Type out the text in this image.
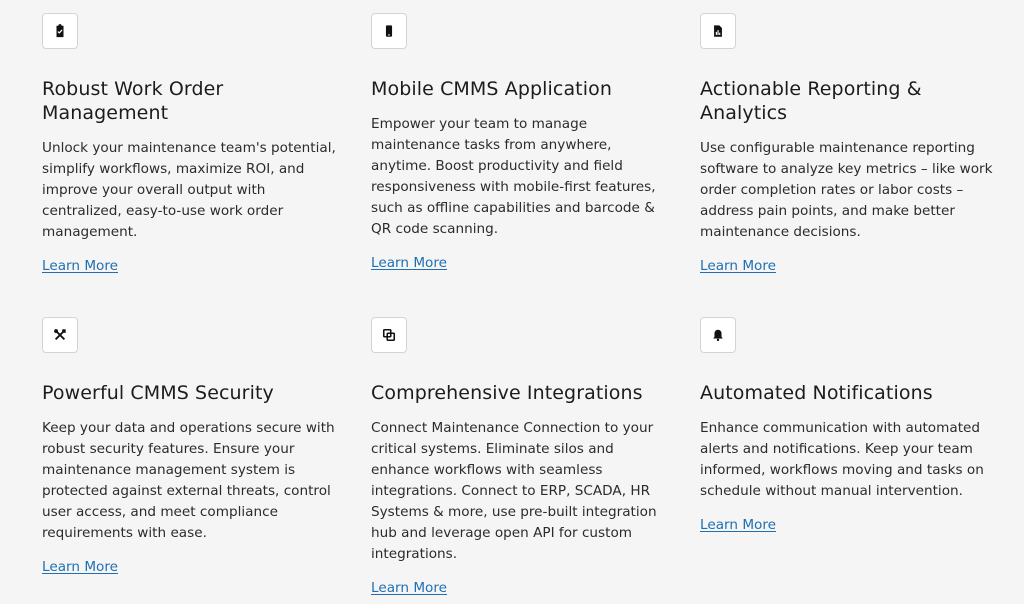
Robust Work Order Management

Unlock your maintenance team's potential, simplify workflows, maximize ROI, and improve your overall output with centralized, easy-to-use work order management.

Learn More
Mobile CMMS Application

Empower your team to manage maintenance tasks from anywhere, anytime. Boost productivity and field responsiveness with mobile-first features, such as offline capabilities and barcode & QR code scanning.

Learn More
Actionable Reporting & Analytics

Use configurable maintenance reporting software to analyze key metrics – like work order completion rates or labor costs – address pain points, and make better maintenance decisions.

Learn More
Powerful CMMS Security

Keep your data and operations secure with robust security features. Ensure your maintenance management system is protected against external threats, control user access, and meet compliance requirements with ease.

Learn More
Comprehensive Integrations

Connect Maintenance Connection to your critical systems. Eliminate silos and enhance workflows with seamless integrations. Connect to ERP, SCADA, HR Systems & more, use pre-built integration hub and leverage open API for custom integrations.

Learn More
Automated Notifications

Enhance communication with automated alerts and notifications. Keep your team informed, workflows moving and tasks on schedule without manual intervention.

Learn More
